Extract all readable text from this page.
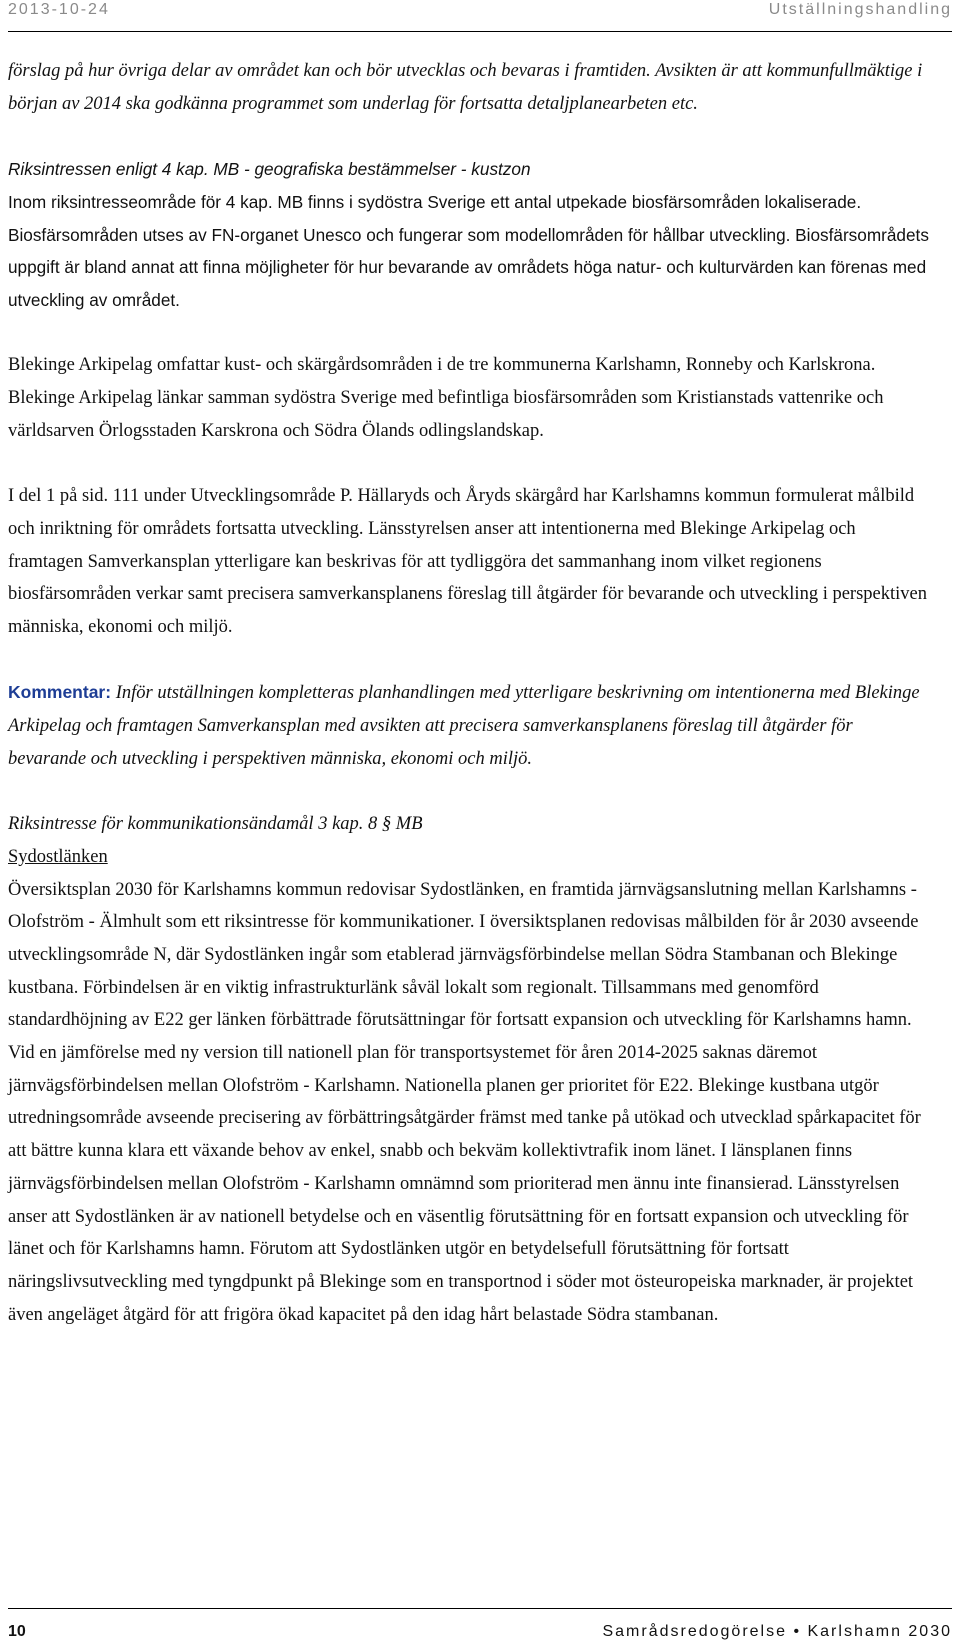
2013-10-24	Utställningshandling

förslag på hur övriga delar av området kan och bör utvecklas och bevaras i framtiden. Avsikten är att kommunfullmäktige i början av 2014 ska godkänna programmet som underlag för fortsatta detaljplanearbeten etc.

Riksintressen enligt 4 kap. MB - geografiska bestämmelser - kustzon

Inom riksintresseområde för 4 kap. MB finns i sydöstra Sverige ett antal utpekade biosfärsområden lokaliserade. Biosfärsområden utses av FN-organet Unesco och fungerar som modellområden för hållbar utveckling. Biosfärsområdets uppgift är bland annat att finna möjligheter för hur bevarande av områdets höga natur- och kulturvärden kan förenas med utveckling av området.

Blekinge Arkipelag omfattar kust- och skärgårdsområden i de tre kommunerna Karlshamn, Ronneby och Karlskrona. Blekinge Arkipelag länkar samman sydöstra Sverige med befintliga biosfärsområden som Kristianstads vattenrike och världsarven Örlogsstaden Karskrona och Södra Ölands odlingslandskap.

I del 1 på sid. 111 under Utvecklingsområde P. Hällaryds och Åryds skärgård har Karlshamns kommun formulerat målbild och inriktning för områdets fortsatta utveckling. Länsstyrelsen anser att intentionerna med Blekinge Arkipelag och framtagen Samverkansplan ytterligare kan beskrivas för att tydliggöra det sammanhang inom vilket regionens biosfärsområden verkar samt precisera samverkansplanens föreslag till åtgärder för bevarande och utveckling i perspektiven människa, ekonomi och miljö.

Kommentar: Inför utställningen kompletteras planhandlingen med ytterligare beskrivning om intentionerna med Blekinge Arkipelag och framtagen Samverkansplan med avsikten att precisera samverkansplanens föreslag till åtgärder för bevarande och utveckling i perspektiven människa, ekonomi och miljö.

Riksintresse för kommunikationsändamål 3 kap. 8 § MB

Sydostlänken

Översiktsplan 2030 för Karlshamns kommun redovisar Sydostlänken, en framtida järnvägsanslutning mellan Karlshamns - Olofström - Älmhult som ett riksintresse för kommunikationer. I översiktsplanen redovisas målbilden för år 2030 avseende utvecklingsområde N, där Sydostlänken ingår som etablerad järnvägsförbindelse mellan Södra Stambanan och Blekinge kustbana. Förbindelsen är en viktig infrastrukturlänk såväl lokalt som regionalt. Tillsammans med genomförd standardhöjning av E22 ger länken förbättrade förutsättningar för fortsatt expansion och utveckling för Karlshamns hamn. Vid en jämförelse med ny version till nationell plan för transportsystemet för åren 2014-2025 saknas däremot järnvägsförbindelsen mellan Olofström - Karlshamn. Nationella planen ger prioritet för E22. Blekinge kustbana utgör utredningsområde avseende precisering av förbättringsåtgärder främst med tanke på utökad och utvecklad spårkapacitet för att bättre kunna klara ett växande behov av enkel, snabb och bekväm kollektivtrafik inom länet. I länsplanen finns järnvägsförbindelsen mellan Olofström - Karlshamn omnämnd som prioriterad men ännu inte finansierad. Länsstyrelsen anser att Sydostlänken är av nationell betydelse och en väsentlig förutsättning för en fortsatt expansion och utveckling för länet och för Karlshamns hamn. Förutom att Sydostlänken utgör en betydelsefull förutsättning för fortsatt näringslivsutveckling med tyngdpunkt på Blekinge som en transportnod i söder mot östeuropeiska marknader, är projektet även angeläget åtgärd för att frigöra ökad kapacitet på den idag hårt belastade Södra stambanan.

10	Samrådsredogörelse • Karlshamn 2030
